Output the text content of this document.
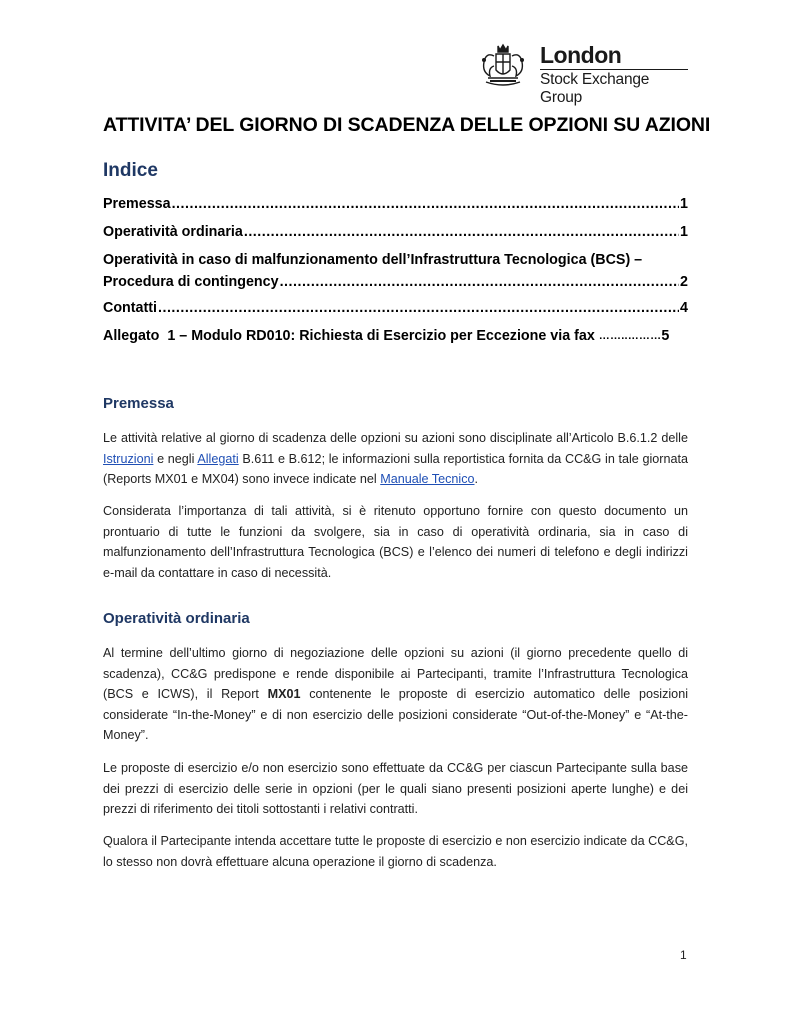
London
Stock Exchange Group
ATTIVITA’ DEL GIORNO DI SCADENZA DELLE OPZIONI SU AZIONI
Indice
Premessa .....	1
Operatività ordinaria .....	1
Operatività in caso di malfunzionamento dell’Infrastruttura Tecnologica (BCS) –
Procedura di contingency .....	2
Contatti .....	4
Allegato  1 – Modulo RD010: Richiesta di Esercizio per Eccezione via fax ……..……… 5
Premessa
Le attività relative al giorno di scadenza delle opzioni su azioni sono disciplinate all’Articolo B.6.1.2 delle Istruzioni e negli Allegati B.611 e B.612; le informazioni sulla reportistica fornita da CC&G in tale giornata (Reports MX01 e MX04) sono invece indicate nel Manuale Tecnico.
Considerata l’importanza di tali attività, si è ritenuto opportuno fornire con questo documento un prontuario di tutte le funzioni da svolgere, sia in caso di operatività ordinaria, sia in caso di malfunzionamento dell’Infrastruttura Tecnologica (BCS) e l’elenco dei numeri di telefono e degli indirizzi e-mail da contattare in caso di necessità.
Operatività ordinaria
Al termine dell’ultimo giorno di negoziazione delle opzioni su azioni (il giorno precedente quello di scadenza), CC&G predispone e rende disponibile ai Partecipanti, tramite l’Infrastruttura Tecnologica (BCS e ICWS), il Report MX01 contenente le proposte di esercizio automatico delle posizioni considerate “In-the-Money” e di non esercizio delle posizioni considerate “Out-of-the-Money” e “At-the-Money”.
Le proposte di esercizio e/o non esercizio sono effettuate da CC&G per ciascun Partecipante sulla base dei prezzi di esercizio delle serie in opzioni (per le quali siano presenti posizioni aperte lunghe) e dei prezzi di riferimento dei titoli sottostanti i relativi contratti.
Qualora il Partecipante intenda accettare tutte le proposte di esercizio e non esercizio indicate da CC&G, lo stesso non dovrà effettuare alcuna operazione il giorno di scadenza.
1
